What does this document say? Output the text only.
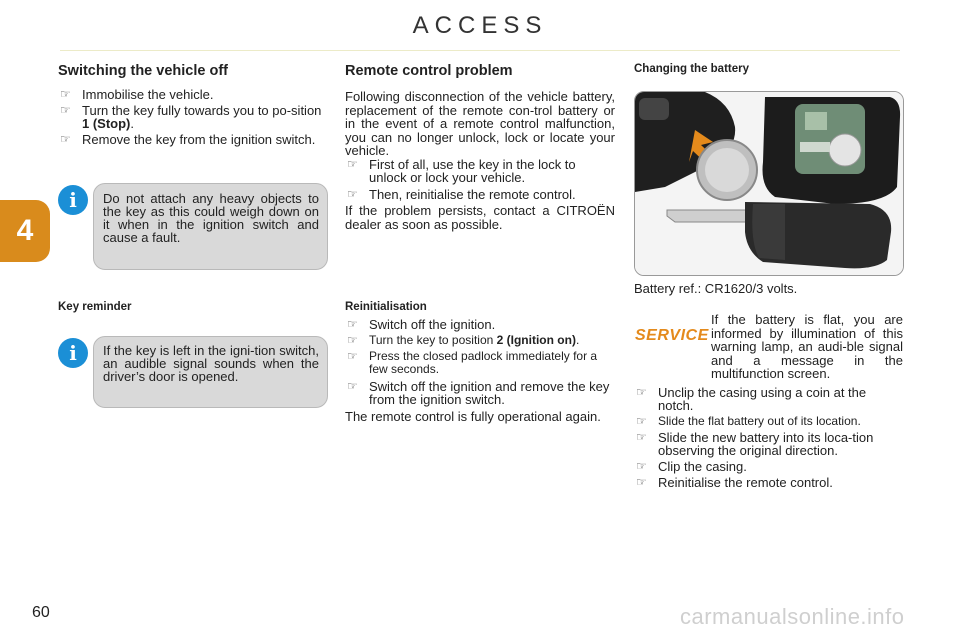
ACCESS
4
Switching the vehicle off
☞ Immobilise the vehicle.
☞ Turn the key fully towards you to po-sition 1 (Stop).
☞ Remove the key from the ignition switch.
Do not attach any heavy objects to the key as this could weigh down on it when in the ignition switch and cause a fault.
i
Key reminder
If the key is left in the igni-tion switch, an audible signal sounds when the driver’s door is opened.
i
Remote control problem
Following disconnection of the vehicle battery, replacement of the remote con-trol battery or in the event of a remote control malfunction, you can no longer unlock, lock or locate your vehicle.
☞ First of all, use the key in the lock to unlock or lock your vehicle.
☞ Then, reinitialise the remote control.
If the problem persists, contact a CITROËN dealer as soon as possible.
Reinitialisation
☞ Switch off the ignition.
☞ Turn the key to position 2 (Ignition on).
☞ Press the closed padlock immediately for a few seconds.
☞ Switch off the ignition and remove the key from the ignition switch.
The remote control is fully operational again.
Changing the battery
Battery ref.: CR1620/3 volts.
SERVICE
If the battery is flat, you are informed by illumination of this warning lamp, an audi-ble signal and a message in the multifunction screen.
☞ Unclip the casing using a coin at the notch.
☞ Slide the flat battery out of its location.
☞ Slide the new battery into its loca-tion observing the original direction.
☞ Clip the casing.
☞ Reinitialise the remote control.
60	carmanualsonline.info
